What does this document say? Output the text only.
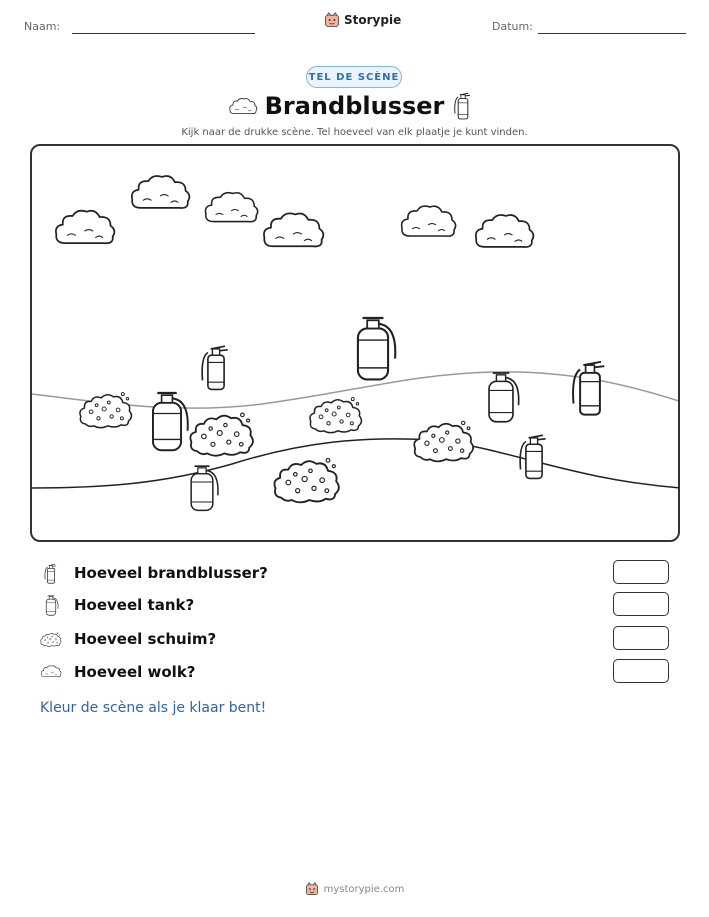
Naam:	Storypie	Datum:
TEL DE SCÈNE
Brandblusser
Kijk naar de drukke scène. Tel hoeveel van elk plaatje je kunt vinden.
Hoeveel brandblusser?
Hoeveel tank?
Hoeveel schuim?
Hoeveel wolk?
Kleur de scène als je klaar bent!
mystorypie.com
